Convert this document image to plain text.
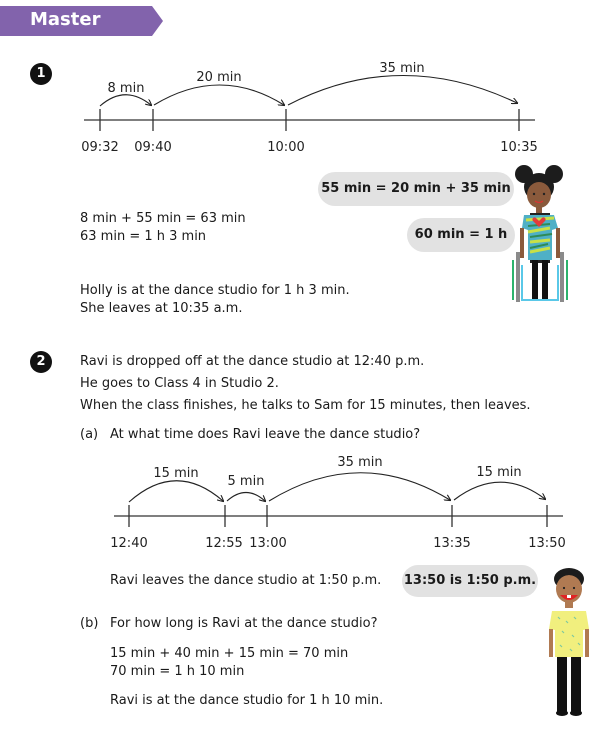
Master
1
8 min
20 min
35 min
09:32 09:40	10:00	10:35
15 min
5 min
35 min
15 min
12:40	12:55 13:00	13:35	13:50
55 min = 20 min + 35 min
60 min = 1 h
8 min + 55 min = 63 min
63 min = 1 h 3 min
Holly is at the dance studio for 1 h 3 min.
She leaves at 10:35 a.m.
2	Ravi is dropped off at the dance studio at 12:40 p.m.
He goes to Class 4 in Studio 2.
When the class finishes, he talks to Sam for 15 minutes, then leaves.
(a) At what time does Ravi leave the dance studio?
Ravi leaves the dance studio at 1:50 p.m. 13:50 is 1:50 p.m.
(b) For how long is Ravi at the dance studio?
15 min + 40 min + 15 min = 70 min
70 min = 1 h 10 min
Ravi is at the dance studio for 1 h 10 min.
